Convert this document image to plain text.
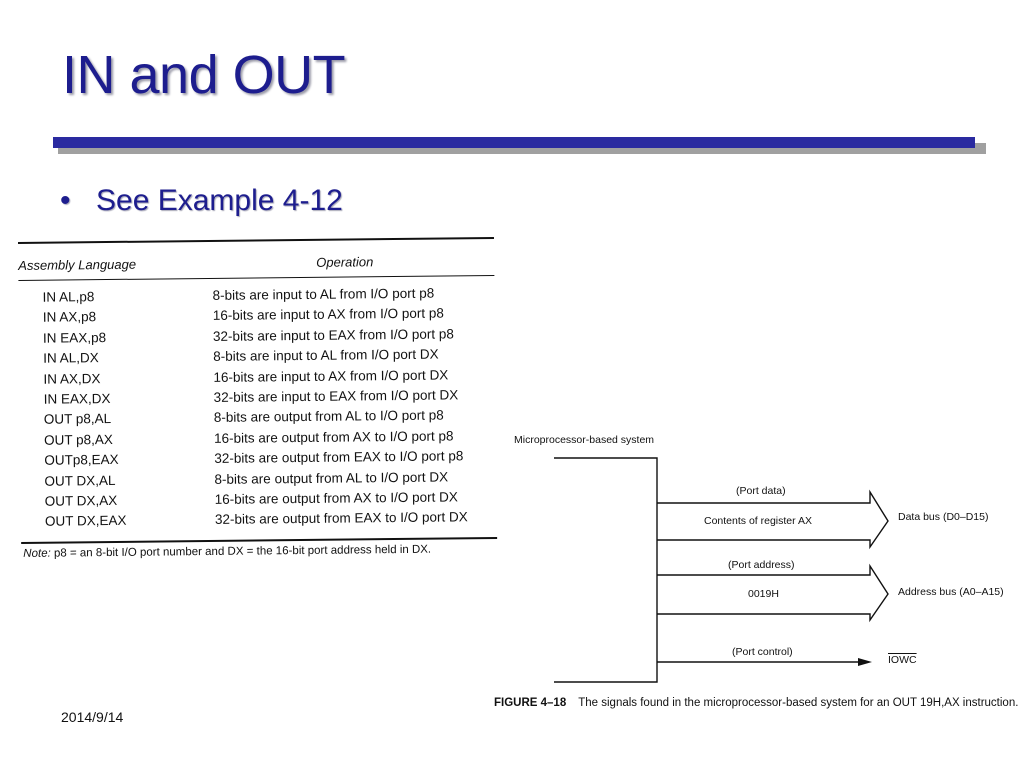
IN and OUT
• See Example 4-12
Assembly Language	Operation
IN AL,p8	8-bits are input to AL from I/O port p8
IN AX,p8	16-bits are input to AX from I/O port p8
IN EAX,p8	32-bits are input to EAX from I/O port p8
IN AL,DX	8-bits are input to AL from I/O port DX
IN AX,DX	16-bits are input to AX from I/O port DX
IN EAX,DX	32-bits are input to EAX from I/O port DX
OUT p8,AL	8-bits are output from AL to I/O port p8
OUT p8,AX	16-bits are output from AX to I/O port p8
OUTp8,EAX	32-bits are output from EAX to I/O port p8
OUT DX,AL	8-bits are output from AL to I/O port DX
OUT DX,AX	16-bits are output from AX to I/O port DX
OUT DX,EAX	32-bits are output from EAX to I/O port DX
Note: p8 = an 8-bit I/O port number and DX = the 16-bit port address held in DX.
Microprocessor-based system
(Port data)
Contents of register AX	Data bus (D0–D15)
(Port address)
0019H	Address bus (A0–A15)
(Port control)
IOWC
FIGURE 4–18 The signals found in the microprocessor-based system for an OUT 19H,AX instruction.
2014/9/14
